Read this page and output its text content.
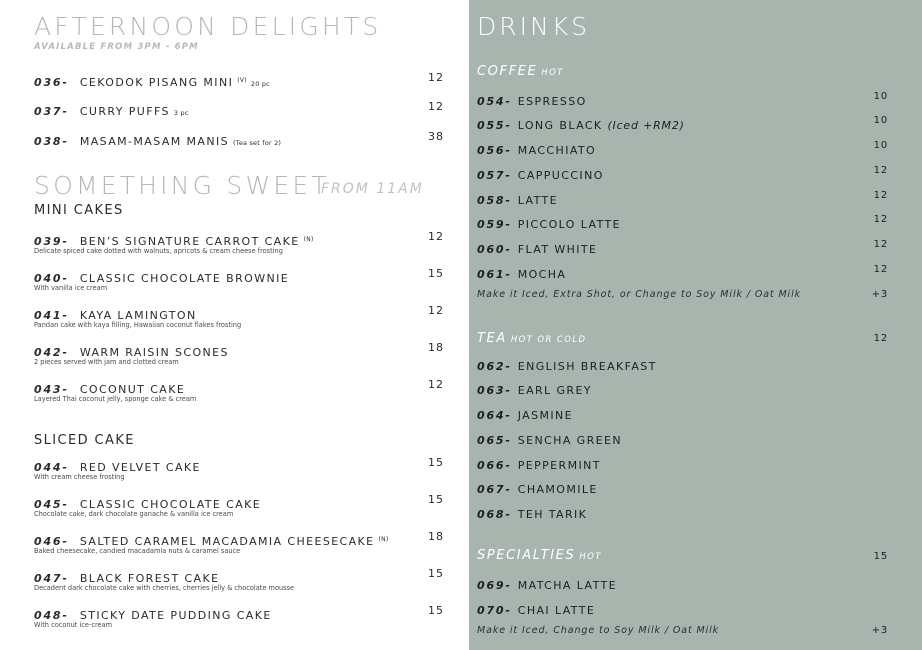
AFTERNOON DELIGHTS
AVAILABLE FROM 3PM - 6PM
036- CEKODOK PISANG MINI $^{(V)}$ 20 pc	12
037- CURRY PUFFS 3 pc	12
038- MASAM-MASAM MANIS (Tea set for 2)	38
SOMETHING SWEET
FROM 11AM
MINI CAKES
039- BEN’S SIGNATURE CARROT CAKE $^{(N)}$
Delicate spiced cake dotted with walnuts, apricots & cream cheese frosting
12
040- CLASSIC CHOCOLATE BROWNIE
With vanilla ice cream
15
041- KAYA LAMINGTON
Pandan cake with kaya filling, Hawaiian coconut flakes frosting
12
042- WARM RAISIN SCONES
2 pieces served with jam and clotted cream
18
043- COCONUT CAKE
Layered Thai coconut jelly, sponge cake & cream
12
SLICED CAKE
044- RED VELVET CAKE
With cream cheese frosting
15
045- CLASSIC CHOCOLATE CAKE
Chocolate cake, dark chocolate ganache & vanilla ice cream
15
046- SALTED CARAMEL MACADAMIA CHEESECAKE $^{(N)}$
Baked cheesecake, candied macadamia nuts & caramel sauce
18
047- BLACK FOREST CAKE
Decadent dark chocolate cake with cherries, cherries jelly & chocolate mousse
15
048- STICKY DATE PUDDING CAKE
With coconut ice-cream
15
DRINKS
COFFEE HOT
054- ESPRESSO	10
055- LONG BLACK (Iced +RM2)	10
056- MACCHIATO	10
057- CAPPUCCINO	12
058- LATTE	12
059- PICCOLO LATTE	12
060- FLAT WHITE	12
061- MOCHA	12
Make it Iced, Extra Shot, or Change to Soy Milk / Oat Milk	+3
TEA HOT OR COLD	12
062- ENGLISH BREAKFAST
063- EARL GREY
064- JASMINE
065- SENCHA GREEN
066- PEPPERMINT
067- CHAMOMILE
068- TEH TARIK
SPECIALTIES HOT	15
069- MATCHA LATTE
070- CHAI LATTE
Make it Iced, Change to Soy Milk / Oat Milk	+3
